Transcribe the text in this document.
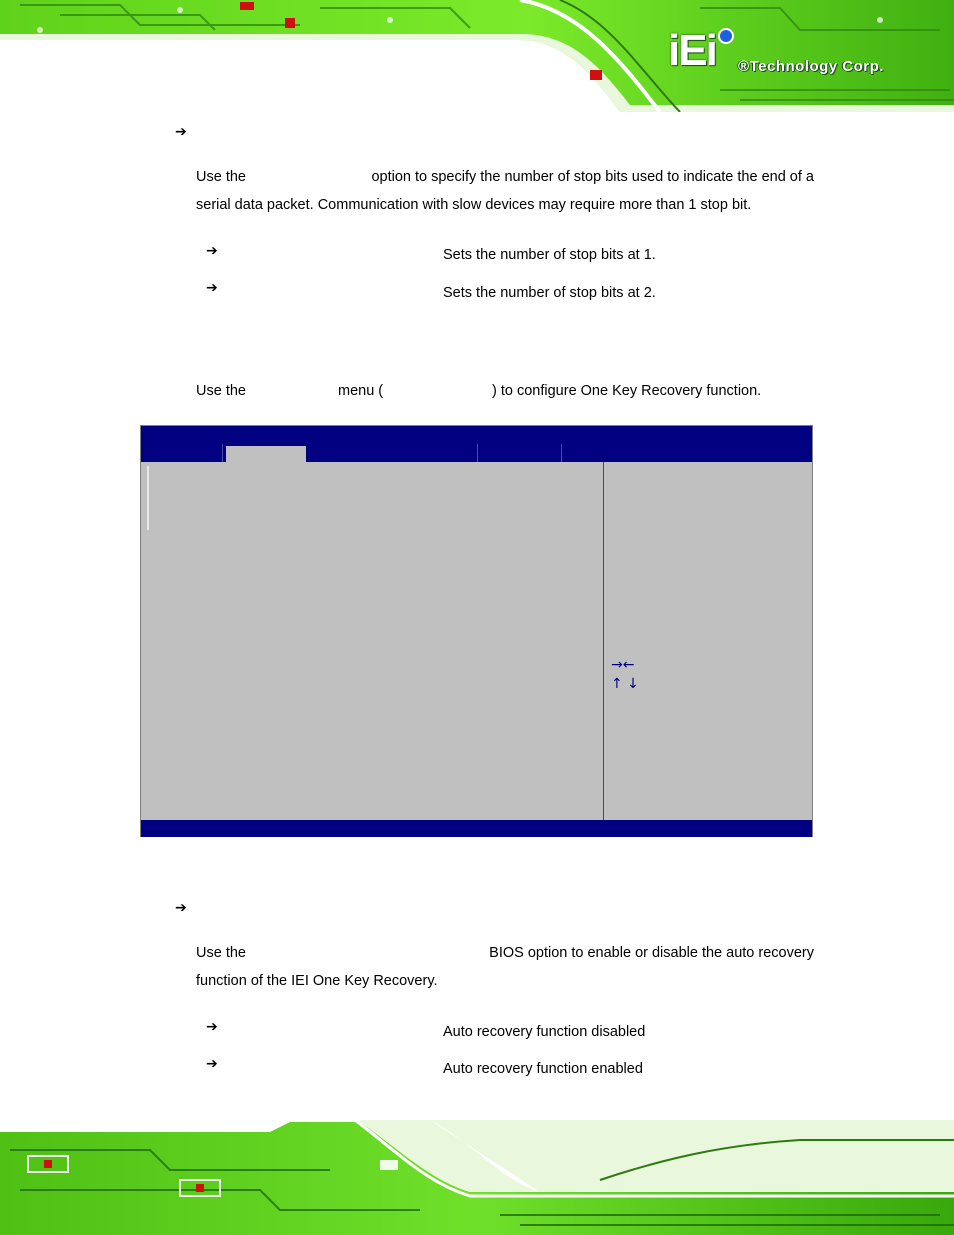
iEi ®Technology Corp.
➔
Use the	option to specify the number of stop bits used to indicate the end of a
serial data packet. Communication with slow devices may require more than 1 stop bit.
➔	Sets the number of stop bits at 1.
➔	Sets the number of stop bits at 2.
Use the	menu (	) to configure One Key Recovery function.
→←
↑ ↓
➔
Use the	BIOS option to enable or disable the auto recovery
function of the IEI One Key Recovery.
➔	Auto recovery function disabled
➔	Auto recovery function enabled
